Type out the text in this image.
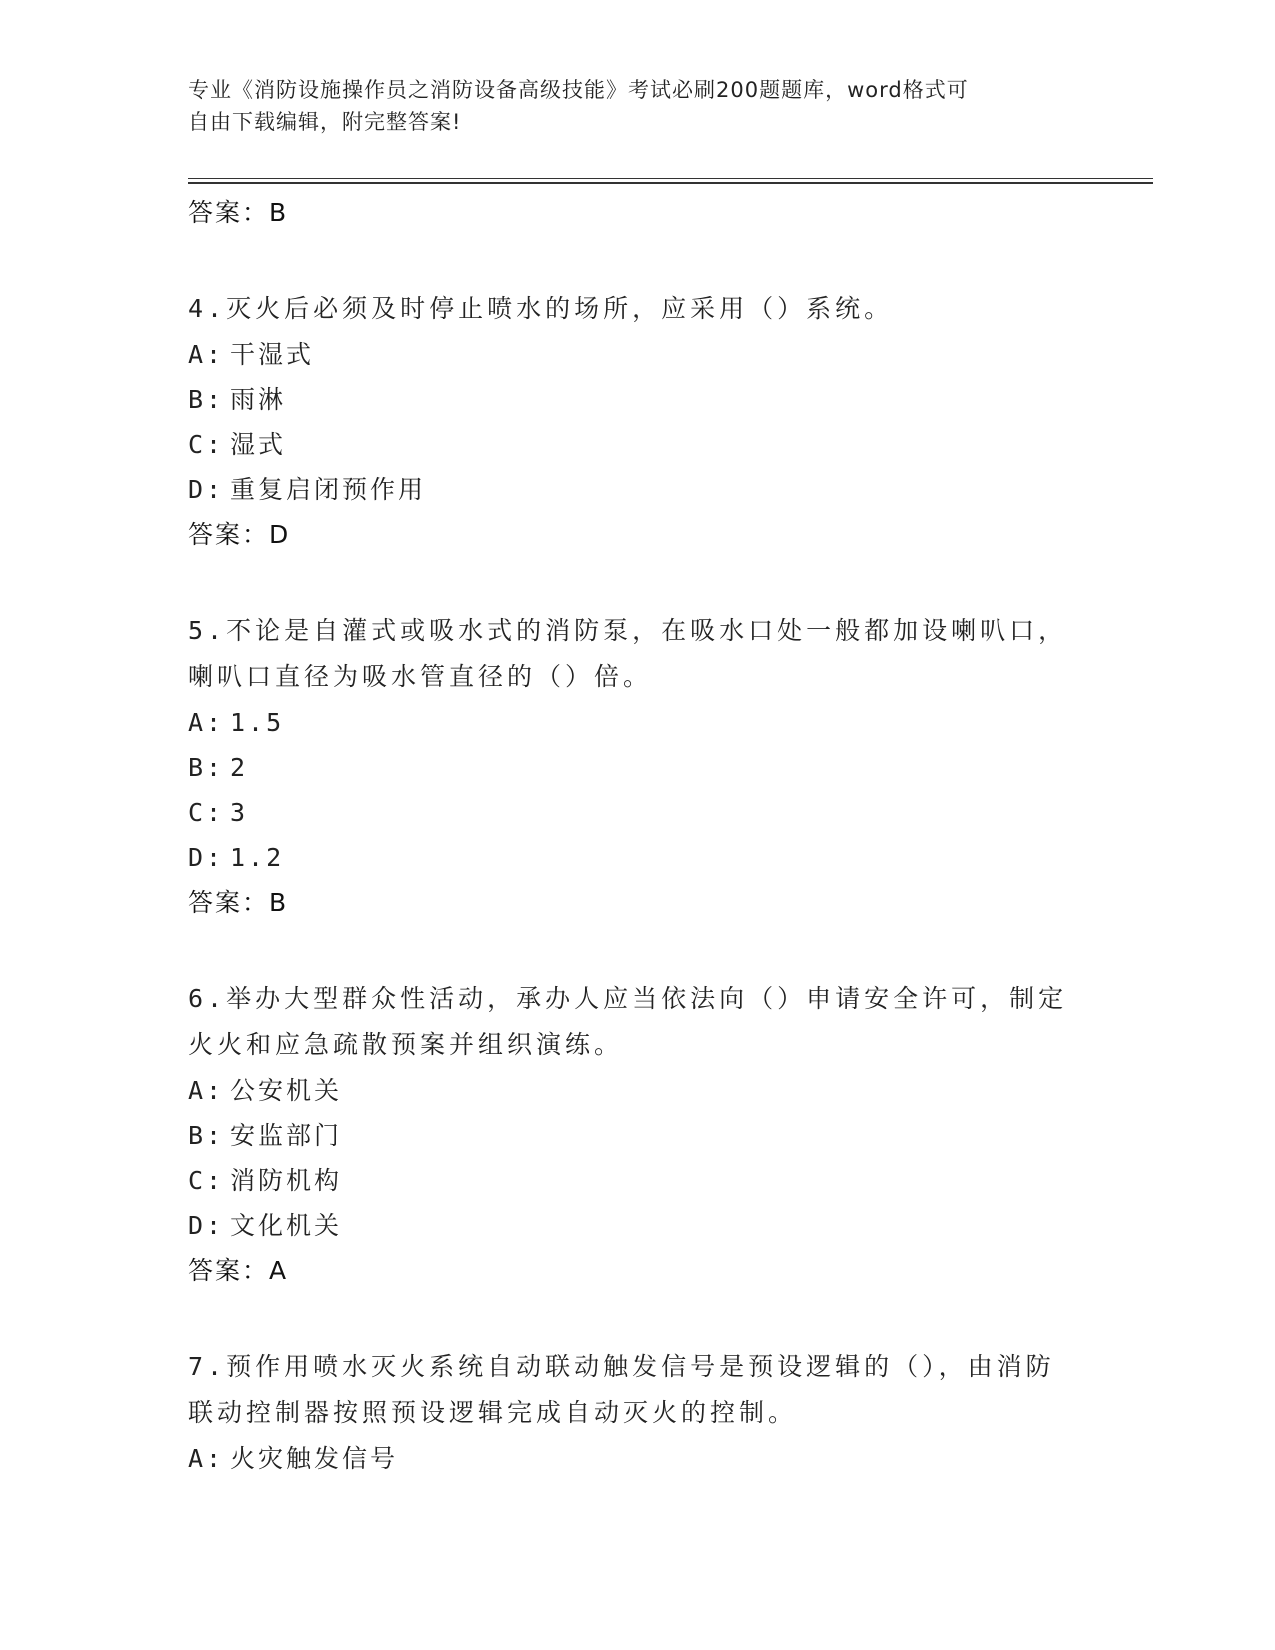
专业《消防设施操作员之消防设备高级技能》考试必刷200题题库，word格式可
自由下载编辑，附完整答案!
答案：B
4.灭火后必须及时停止喷水的场所，应采用（）系统。
A: 干湿式
B: 雨淋
C: 湿式
D: 重复启闭预作用
答案：D
5.不论是自灌式或吸水式的消防泵，在吸水口处一般都加设喇叭口，喇叭口直径为吸水管直径的（）倍。
A: 1.5
B: 2
C: 3
D: 1.2
答案：B
6.举办大型群众性活动，承办人应当依法向（）申请安全许可，制定火火和应急疏散预案并组织演练。
A: 公安机关
B: 安监部门
C: 消防机构
D: 文化机关
答案：A
7.预作用喷水灭火系统自动联动触发信号是预设逻辑的（），由消防联动控制器按照预设逻辑完成自动灭火的控制。
A: 火灾触发信号
